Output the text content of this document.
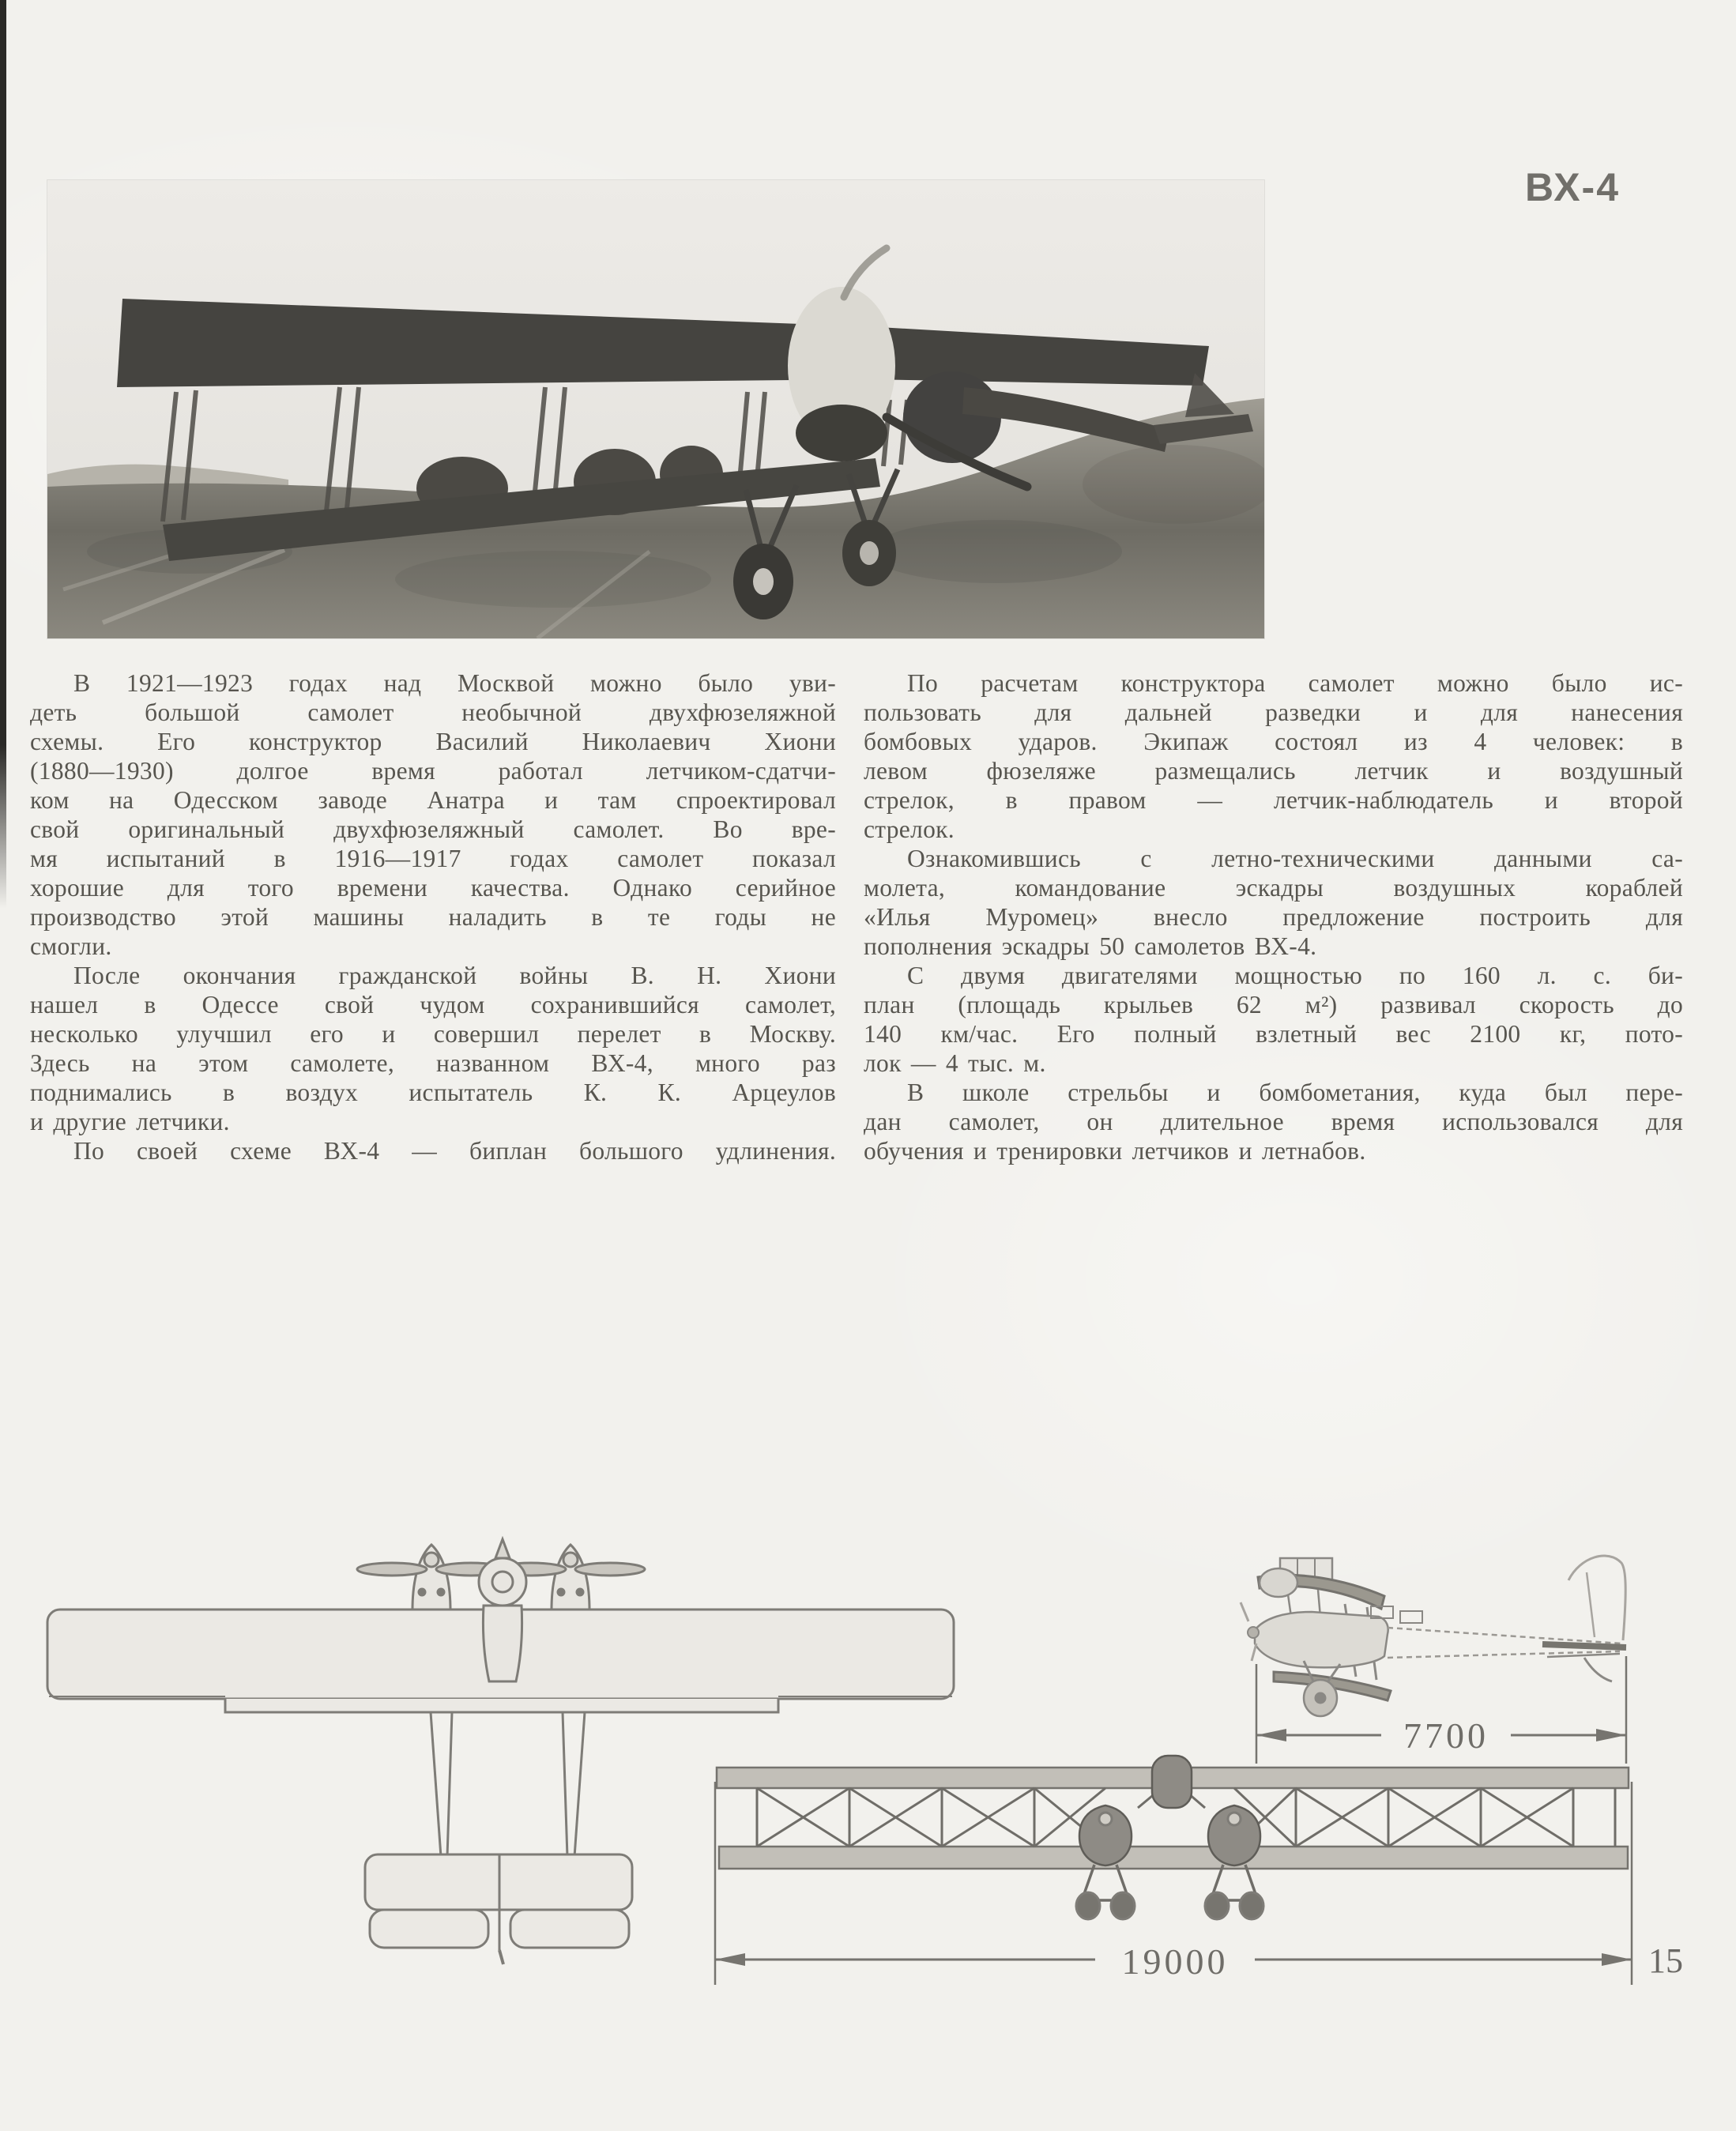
ВХ-4
В 1921—1923 годах над Москвой можно было уви-
деть большой самолет необычной двухфюзеляжной
схемы. Его конструктор Василий Николаевич Хиони
(1880—1930) долгое время работал летчиком-сдатчи-
ком на Одесском заводе Анатра и там спроектировал
свой оригинальный двухфюзеляжный самолет. Во вре-
мя испытаний в 1916—1917 годах самолет показал
хорошие для того времени качества. Однако серийное
производство этой машины наладить в те годы не
смогли.
После окончания гражданской войны В. Н. Хиони
нашел в Одессе свой чудом сохранившийся самолет,
несколько улучшил его и совершил перелет в Москву.
Здесь на этом самолете, названном ВХ-4, много раз
поднимались в воздух испытатель К. К. Арцеулов
и другие летчики.
По своей схеме ВХ-4 — биплан большого удлинения.
По расчетам конструктора самолет можно было ис-
пользовать для дальней разведки и для нанесения
бомбовых ударов. Экипаж состоял из 4 человек: в
левом фюзеляже размещались летчик и воздушный
стрелок, в правом — летчик-наблюдатель и второй
стрелок.
Ознакомившись с летно-техническими данными са-
молета, командование эскадры воздушных кораблей
«Илья Муромец» внесло предложение построить для
пополнения эскадры 50 самолетов ВХ-4.
С двумя двигателями мощностью по 160 л. с. би-
план (площадь крыльев 62 м²) развивал скорость до
140 км/час. Его полный взлетный вес 2100 кг, пото-
лок — 4 тыс. м.
В школе стрельбы и бомбометания, куда был пере-
дан самолет, он длительное время использовался для
обучения и тренировки летчиков и летнабов.
7700
19000	15
